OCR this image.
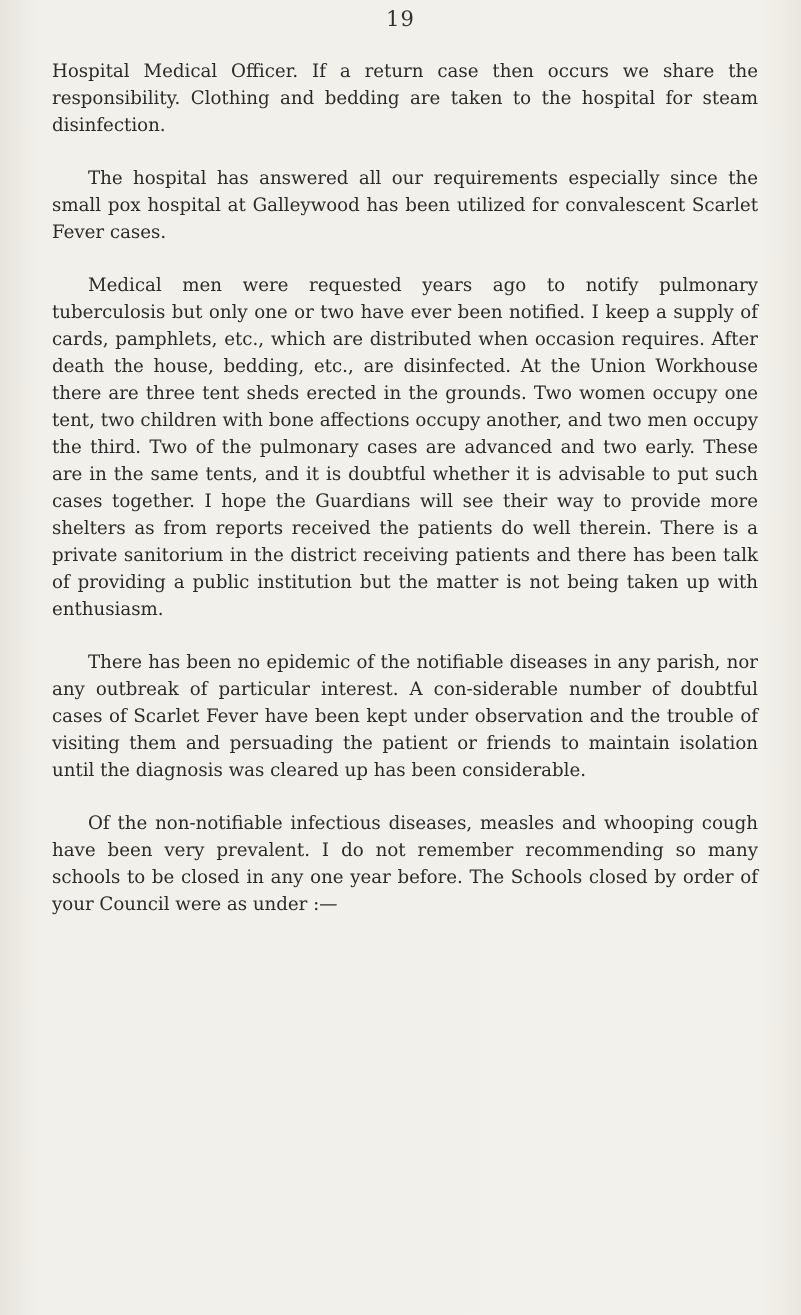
19

Hospital Medical Officer. If a return case then occurs we share the responsibility. Clothing and bedding are taken to the hospital for steam disinfection.

The hospital has answered all our requirements especially since the small pox hospital at Galleywood has been utilized for convalescent Scarlet Fever cases.

Medical men were requested years ago to notify pulmonary tuberculosis but only one or two have ever been notified. I keep a supply of cards, pamphlets, etc., which are distributed when occasion requires. After death the house, bedding, etc., are disinfected. At the Union Workhouse there are three tent sheds erected in the grounds. Two women occupy one tent, two children with bone affections occupy another, and two men occupy the third. Two of the pulmonary cases are advanced and two early. These are in the same tents, and it is doubtful whether it is advisable to put such cases together. I hope the Guardians will see their way to provide more shelters as from reports received the patients do well therein. There is a private sanitorium in the district receiving patients and there has been talk of providing a public institution but the matter is not being taken up with enthusiasm.

There has been no epidemic of the notifiable diseases in any parish, nor any outbreak of particular interest. A con-siderable number of doubtful cases of Scarlet Fever have been kept under observation and the trouble of visiting them and persuading the patient or friends to maintain isolation until the diagnosis was cleared up has been considerable.

Of the non-notifiable infectious diseases, measles and whooping cough have been very prevalent. I do not remember recommending so many schools to be closed in any one year before. The Schools closed by order of your Council were as under :—
